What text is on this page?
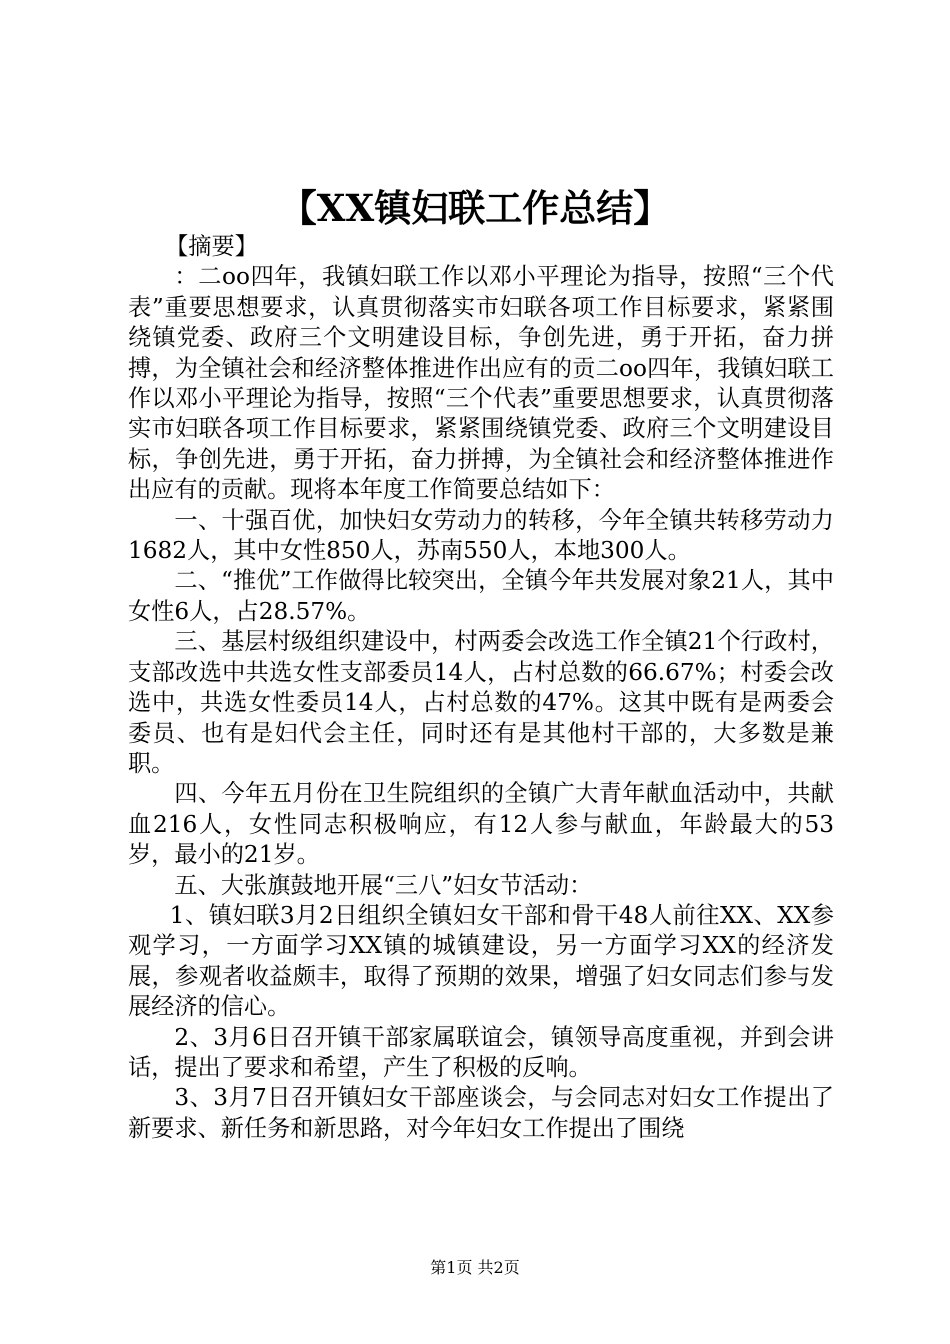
【XX镇妇联工作总结】

【摘要】

：二oo四年，我镇妇联工作以邓小平理论为指导，按照“三个代表”重要思想要求，认真贯彻落实市妇联各项工作目标要求，紧紧围绕镇党委、政府三个文明建设目标，争创先进，勇于开拓，奋力拼搏，为全镇社会和经济整体推进作出应有的贡二oo四年，我镇妇联工作以邓小平理论为指导，按照“三个代表”重要思想要求，认真贯彻落实市妇联各项工作目标要求，紧紧围绕镇党委、政府三个文明建设目标，争创先进，勇于开拓，奋力拼搏，为全镇社会和经济整体推进作出应有的贡献。现将本年度工作简要总结如下：

一、十强百优，加快妇女劳动力的转移，今年全镇共转移劳动力1682人，其中女性850人，苏南550人，本地300人。

二、“推优”工作做得比较突出，全镇今年共发展对象21人，其中女性6人，占28.57%。

三、基层村级组织建设中，村两委会改选工作全镇21个行政村，支部改选中共选女性支部委员14人，占村总数的66.67%；村委会改选中，共选女性委员14人，占村总数的47%。这其中既有是两委会委员、也有是妇代会主任，同时还有是其他村干部的，大多数是兼职。

四、今年五月份在卫生院组织的全镇广大青年献血活动中，共献血216人，女性同志积极响应，有12人参与献血，年龄最大的53岁，最小的21岁。

五、大张旗鼓地开展“三八”妇女节活动：

1、镇妇联3月2日组织全镇妇女干部和骨干48人前往XX、XX参观学习，一方面学习XX镇的城镇建设，另一方面学习XX的经济发展，参观者收益颇丰，取得了预期的效果，增强了妇女同志们参与发展经济的信心。

2、3月6日召开镇干部家属联谊会，镇领导高度重视，并到会讲话，提出了要求和希望，产生了积极的反响。

3、3月7日召开镇妇女干部座谈会，与会同志对妇女工作提出了新要求、新任务和新思路，对今年妇女工作提出了围绕

第1页 共2页
